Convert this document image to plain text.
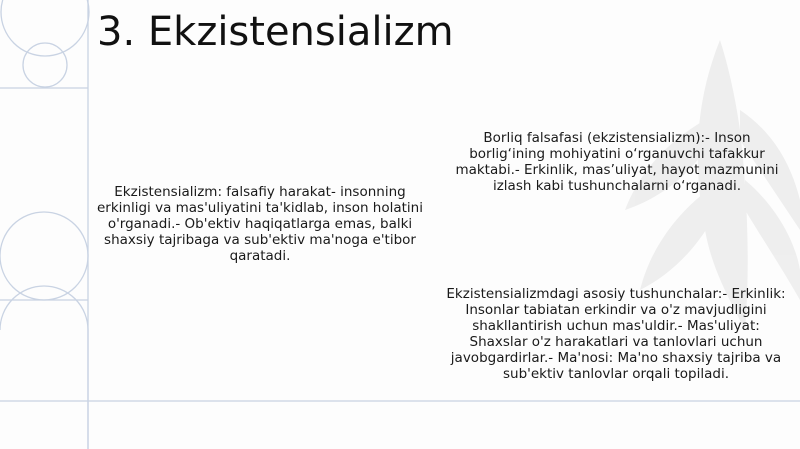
3. Ekzistensializm
Ekzistensializm: falsafiy harakat- insonning erkinligi va mas'uliyatini ta'kidlab, inson holatini o'rganadi.- Ob'ektiv haqiqatlarga emas, balki shaxsiy tajribaga va sub'ektiv ma'noga e'tibor qaratadi.
Borliq falsafasi (ekzistensializm):- Inson borlig‘ining mohiyatini o‘rganuvchi tafakkur maktabi.- Erkinlik, mas’uliyat, hayot mazmunini izlash kabi tushunchalarni o‘rganadi.
Ekzistensializmdagi asosiy tushunchalar:- Erkinlik: Insonlar tabiatan erkindir va o'z mavjudligini shakllantirish uchun mas'uldir.- Mas'uliyat: Shaxslar o'z harakatlari va tanlovlari uchun javobgardirlar.- Ma'nosi: Ma'no shaxsiy tajriba va sub'ektiv tanlovlar orqali topiladi.
